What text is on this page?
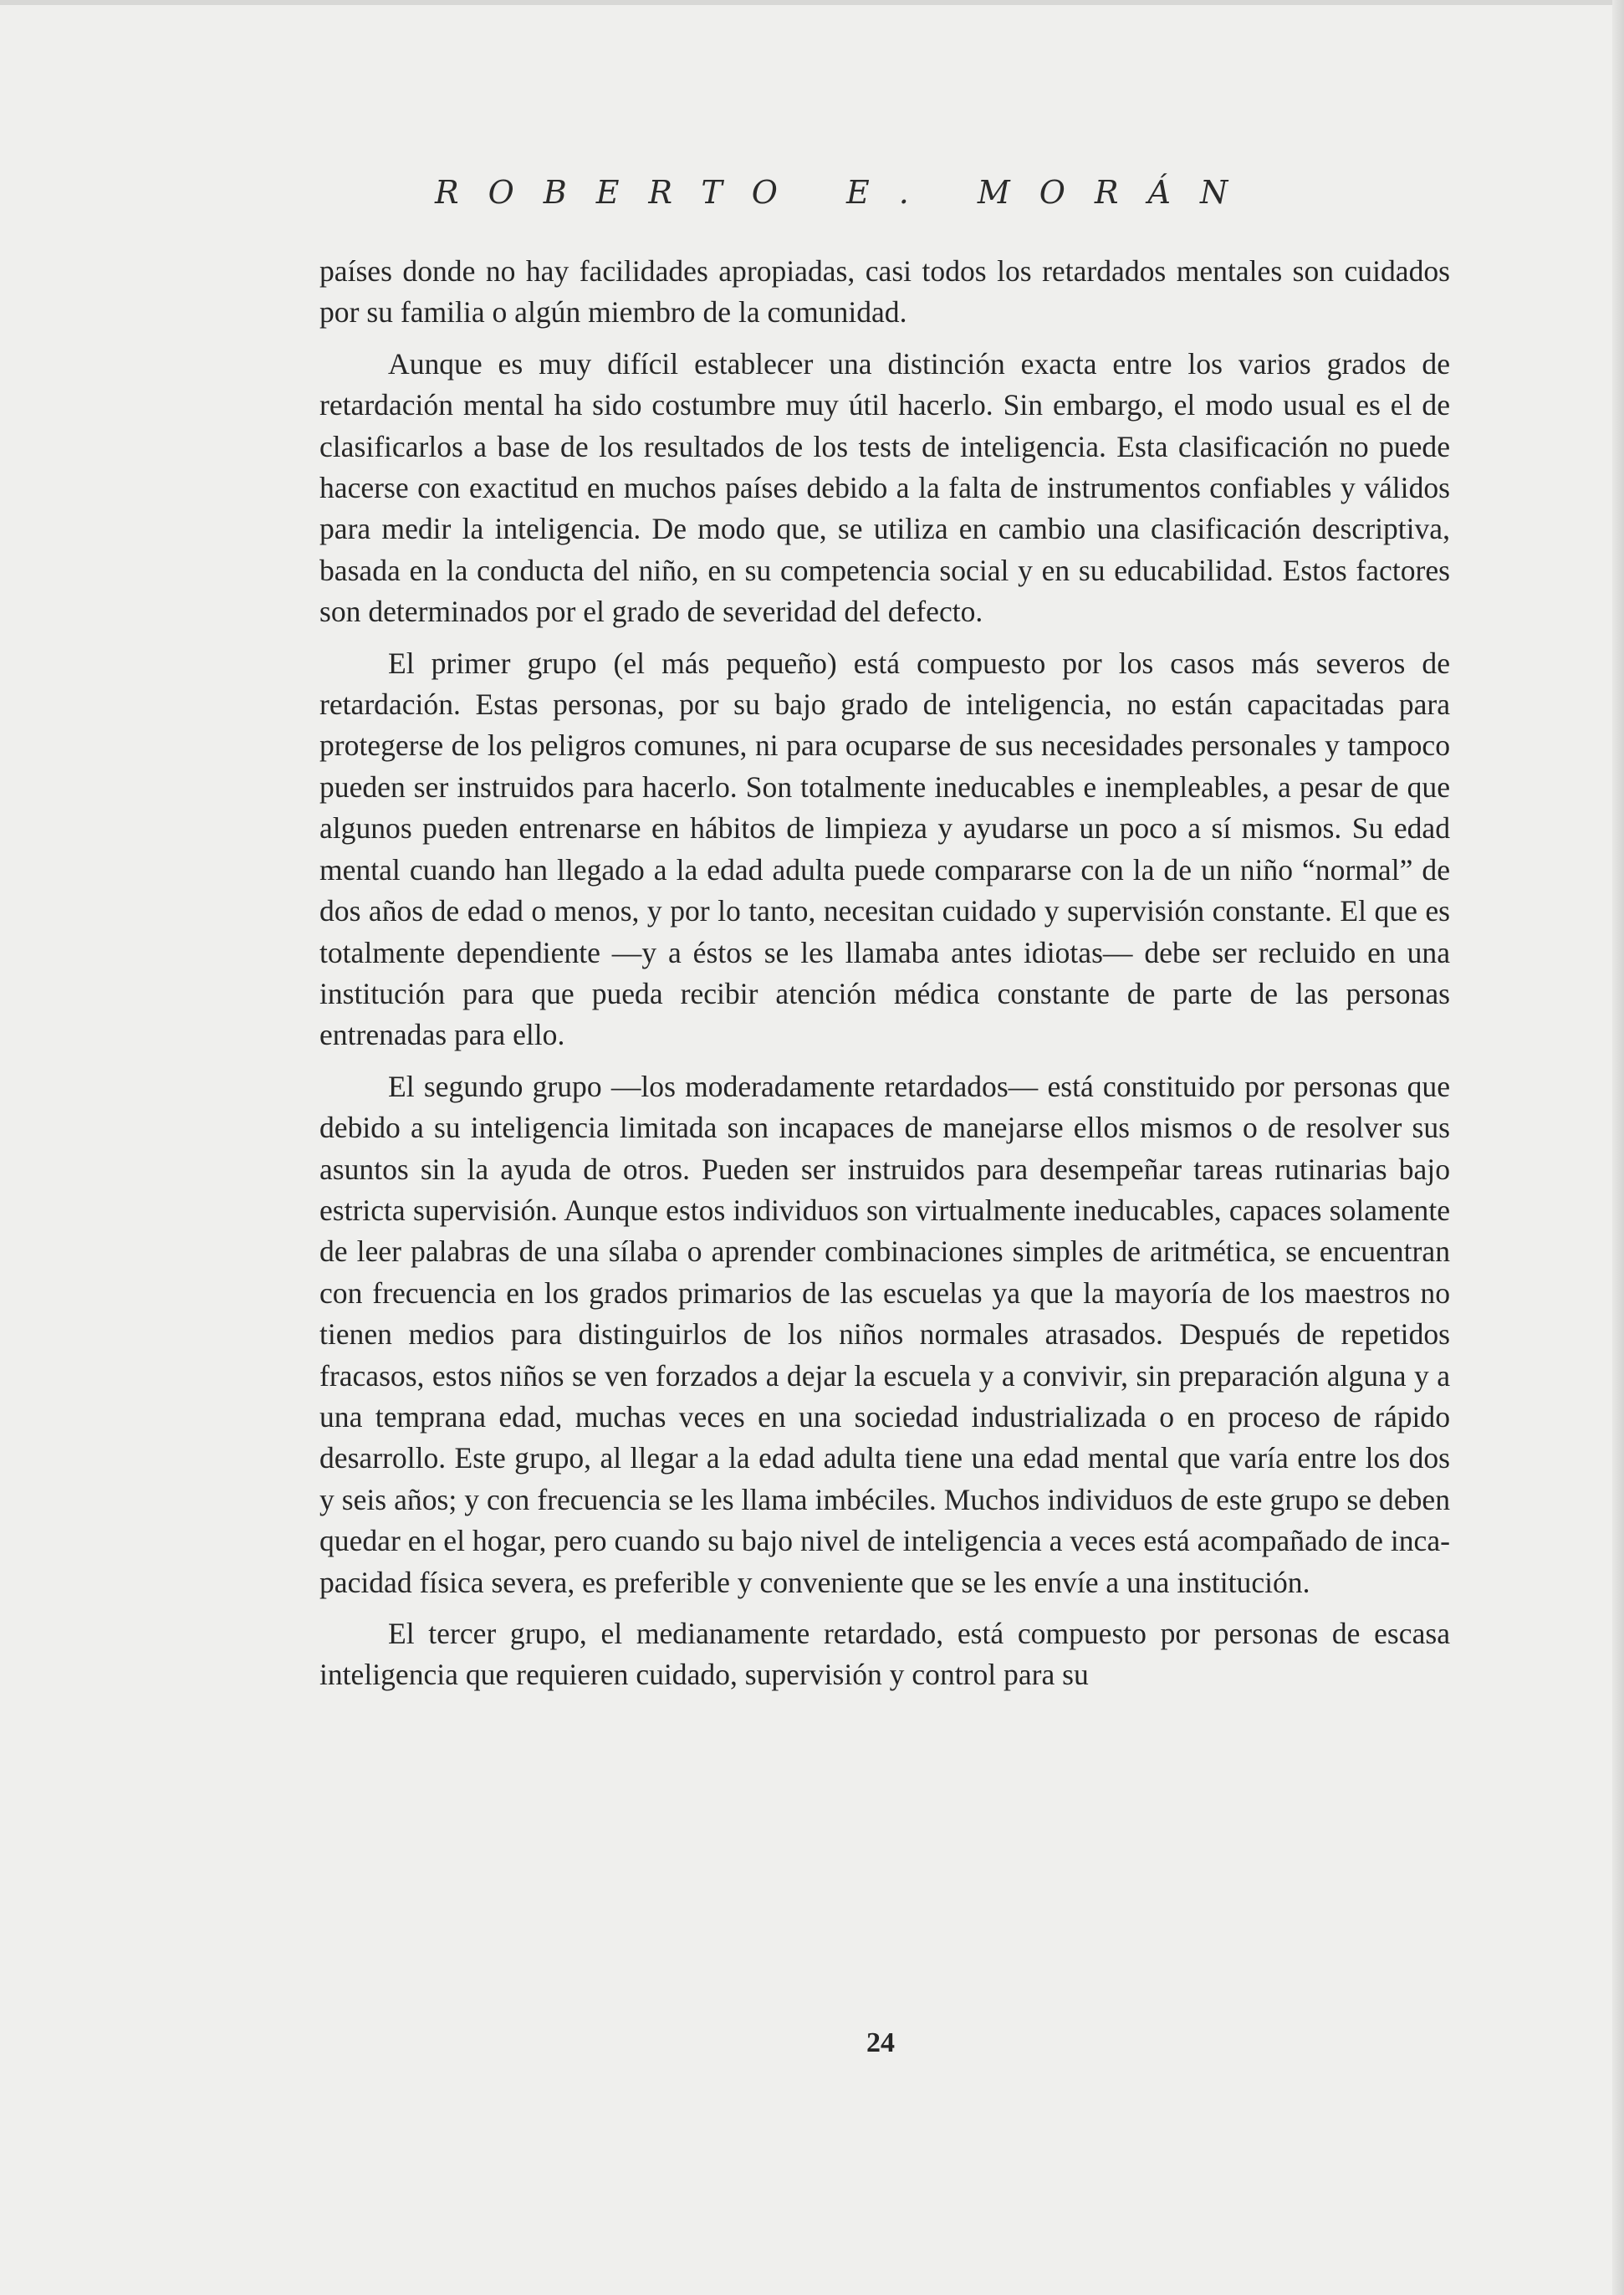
ROBERTO E. MORÁN

países donde no hay facilidades apropiadas, casi todos los retardados mentales son cuidados por su familia o algún miembro de la comunidad.

Aunque es muy difícil establecer una distinción exacta entre los varios grados de retardación mental ha sido costumbre muy útil hacerlo. Sin embargo, el modo usual es el de clasificarlos a base de los resultados de los tests de inteligencia. Esta clasificación no puede hacerse con exactitud en muchos países debido a la falta de instrumentos confiables y válidos para medir la inteligencia. De modo que, se utiliza en cambio una clasificación descriptiva, basada en la conducta del niño, en su competencia social y en su educabilidad. Estos factores son determinados por el grado de severidad del defecto.

El primer grupo (el más pequeño) está compuesto por los casos más severos de retardación. Estas personas, por su bajo grado de inteligencia, no están capacitadas para protegerse de los peligros comunes, ni para ocuparse de sus necesidades personales y tampoco pueden ser instruidos para hacerlo. Son totalmente ineducables e inempleables, a pesar de que algunos pueden entrenarse en hábitos de limpieza y ayudarse un poco a sí mismos. Su edad mental cuando han llegado a la edad adulta puede compararse con la de un niño “normal” de dos años de edad o menos, y por lo tanto, necesitan cuidado y supervisión constante. El que es totalmente dependiente —y a éstos se les llamaba antes idiotas— debe ser recluido en una institución para que pueda recibir atención médica constante de parte de las personas entrenadas para ello.

El segundo grupo —los moderadamente retardados— está constituido por personas que debido a su inteligencia limitada son incapaces de manejarse ellos mismos o de resolver sus asuntos sin la ayuda de otros. Pueden ser instruidos para desempeñar tareas rutinarias bajo estricta supervisión. Aunque estos individuos son virtualmente ineducables, capaces solamente de leer palabras de una sílaba o aprender combinaciones simples de aritmética, se encuentran con frecuencia en los grados primarios de las escuelas ya que la mayoría de los maestros no tienen medios para distinguirlos de los niños normales atrasados. Después de repetidos fracasos, estos niños se ven forzados a dejar la escuela y a convivir, sin preparación alguna y a una temprana edad, muchas veces en una sociedad industrializada o en proceso de rápido desarrollo. Este grupo, al llegar a la edad adulta tiene una edad mental que varía entre los dos y seis años; y con frecuencia se les llama imbéciles. Muchos individuos de este grupo se deben quedar en el hogar, pero cuando su bajo nivel de inteligencia a veces está acompañado de incapacidad física severa, es preferible y conveniente que se les envíe a una institución.

El tercer grupo, el medianamente retardado, está compuesto por personas de escasa inteligencia que requieren cuidado, supervisión y control para su

24
